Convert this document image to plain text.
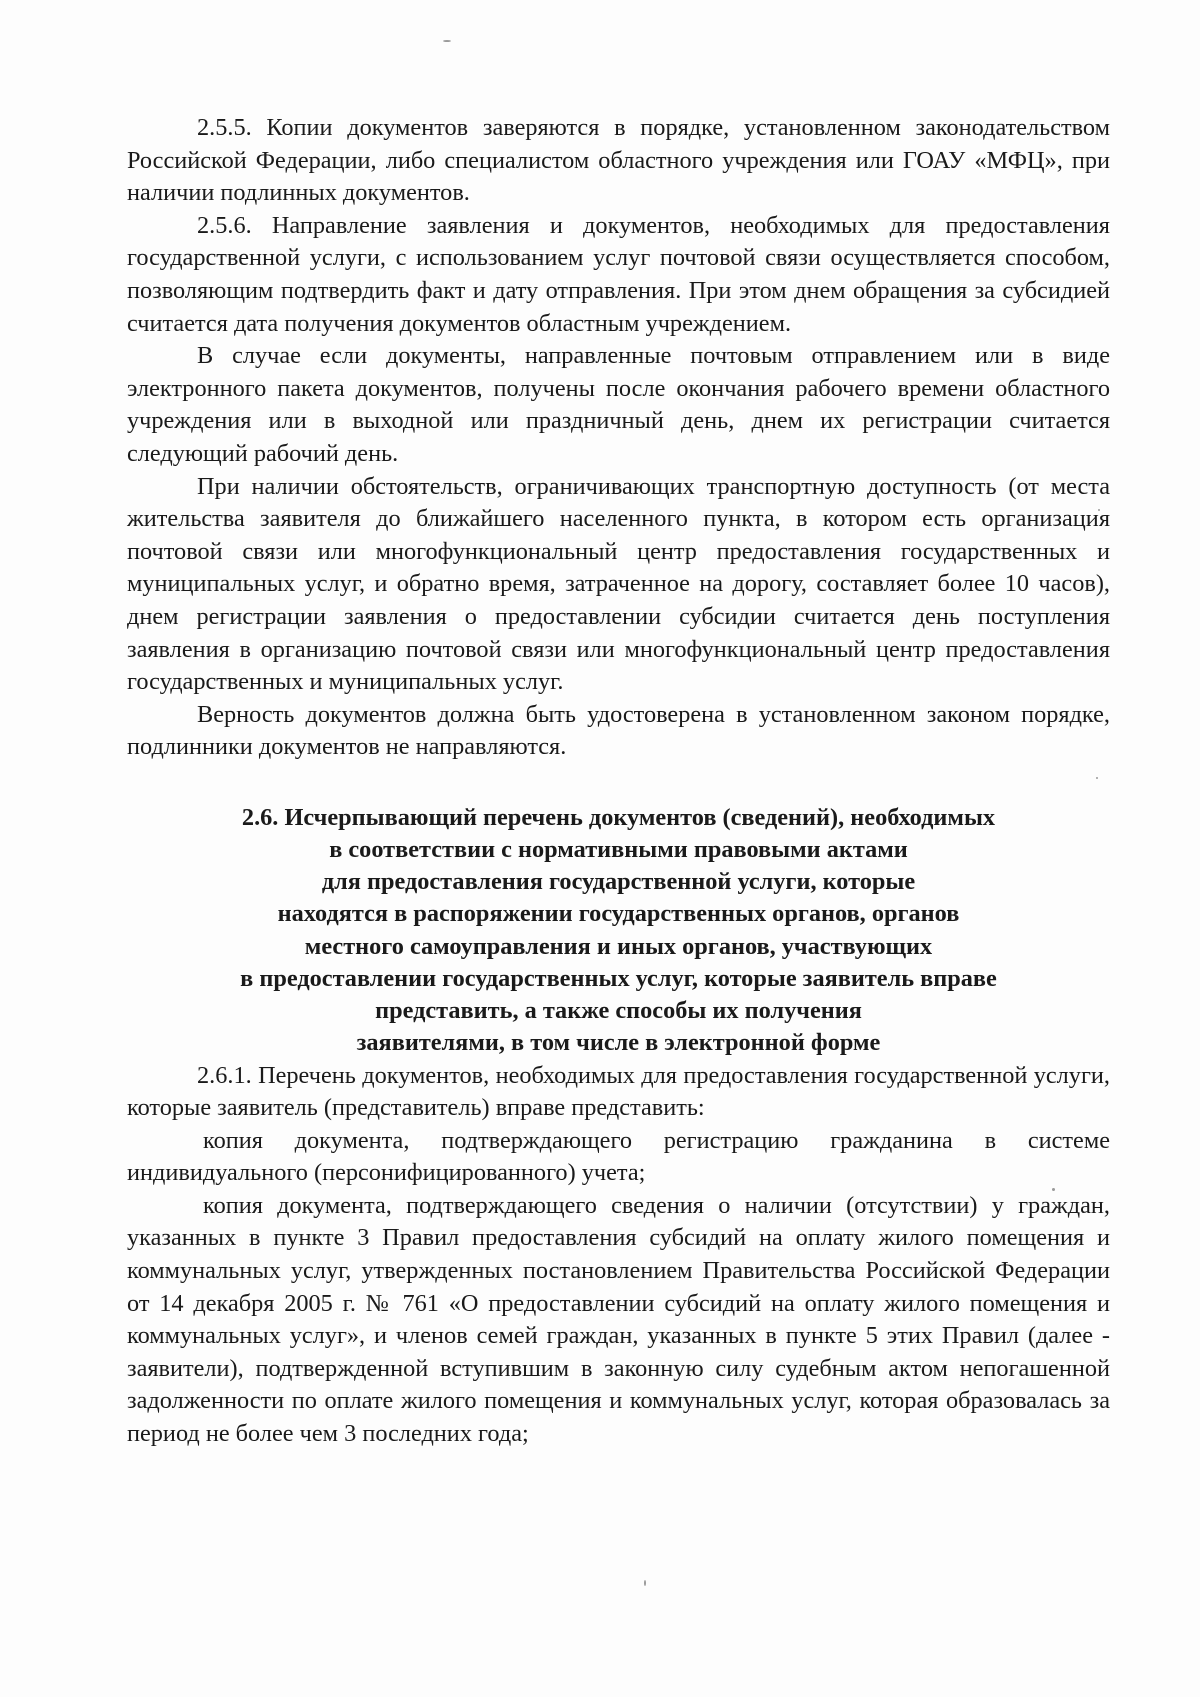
2.5.5. Копии документов заверяются в порядке, установленном законодательством Российской Федерации, либо специалистом областного учреждения или ГОАУ «МФЦ», при наличии подлинных документов.

2.5.6. Направление заявления и документов, необходимых для предоставления государственной услуги, с использованием услуг почтовой связи осуществляется способом, позволяющим подтвердить факт и дату отправления. При этом днем обращения за субсидией считается дата получения документов областным учреждением.

В случае если документы, направленные почтовым отправлением или в виде электронного пакета документов, получены после окончания рабочего времени областного учреждения или в выходной или праздничный день, днем их регистрации считается следующий рабочий день.

При наличии обстоятельств, ограничивающих транспортную доступность (от места жительства заявителя до ближайшего населенного пункта, в котором есть организация почтовой связи или многофункциональный центр предоставления государственных и муниципальных услуг, и обратно время, затраченное на дорогу, составляет более 10 часов), днем регистрации заявления о предоставлении субсидии считается день поступления заявления в организацию почтовой связи или многофункциональный центр предоставления государственных и муниципальных услуг.

Верность документов должна быть удостоверена в установленном законом порядке, подлинники документов не направляются.

2.6. Исчерпывающий перечень документов (сведений), необходимых
в соответствии с нормативными правовыми актами
для предоставления государственной услуги, которые
находятся в распоряжении государственных органов, органов
местного самоуправления и иных органов, участвующих
в предоставлении государственных услуг, которые заявитель вправе
представить, а также способы их получения
заявителями, в том числе в электронной форме

2.6.1. Перечень документов, необходимых для предоставления государственной услуги, которые заявитель (представитель) вправе представить:

копия документа, подтверждающего регистрацию гражданина в системе индивидуального (персонифицированного) учета;

копия документа, подтверждающего сведения о наличии (отсутствии) у граждан, указанных в пункте 3 Правил предоставления субсидий на оплату жилого помещения и коммунальных услуг, утвержденных постановлением Правительства Российской Федерации от 14 декабря 2005 г. № 761 «О предоставлении субсидий на оплату жилого помещения и коммунальных услуг», и членов семей граждан, указанных в пункте 5 этих Правил (далее - заявители), подтвержденной вступившим в законную силу судебным актом непогашенной задолженности по оплате жилого помещения и коммунальных услуг, которая образовалась за период не более чем 3 последних года;
